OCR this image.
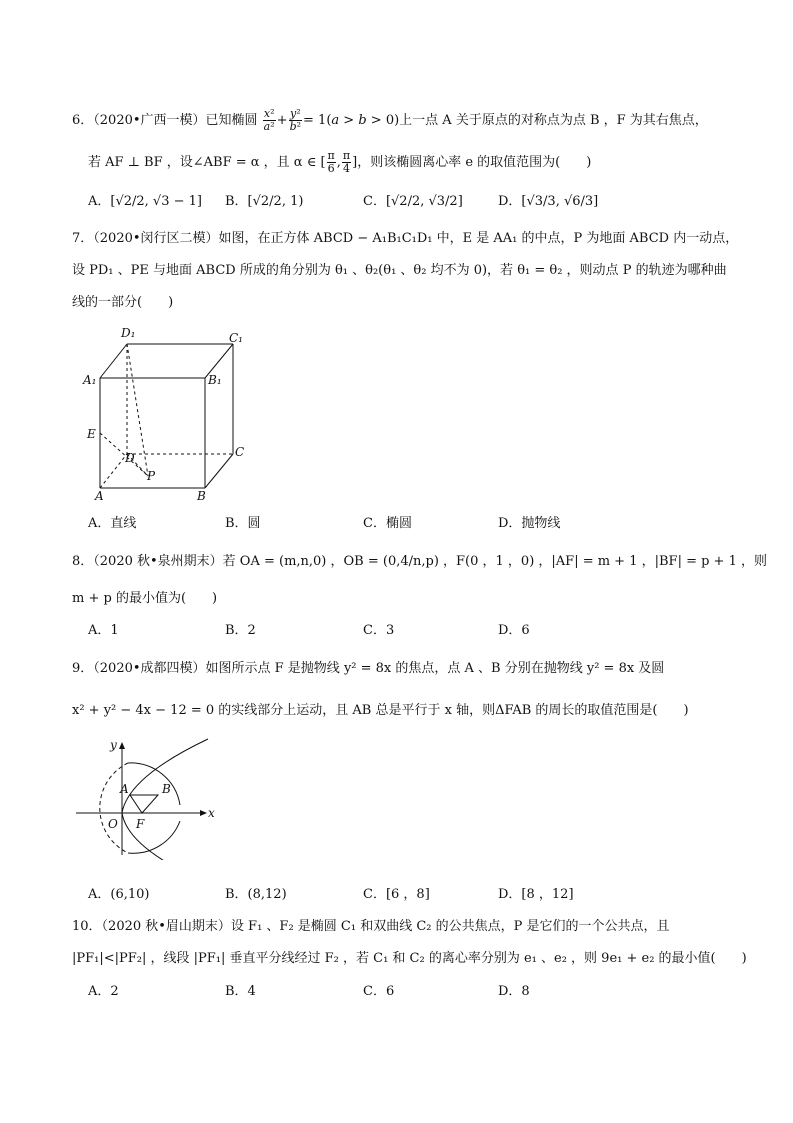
6．（2020•广西一模）已知椭圆 $\frac{\text{x²}}{\text{a²}} + \frac{\text{y²}}{\text{b²}} = 1(a > b > 0)$上一点 A 关于原点的对称点为点 B ，F 为其右焦点，
若 AF ⊥ BF ，设∠ABF = α ，且 α ∈ [ $\frac{\pi}{6}$ , $\frac{\pi}{4}$ ]，则该椭圆离心率 e 的取值范围为(　　)
A．[√2/2, √3 − 1] B．[√2/2, 1)	C．[√2/2, √3/2]	D．[√3/3, √6/3]
7．（2020•闵行区二模）如图，在正方体 ABCD − A₁B₁C₁D₁ 中，E 是 AA₁ 的中点，P 为地面 ABCD 内一动点，
设 PD₁ 、PE 与地面 ABCD 所成的角分别为 θ₁ 、θ₂(θ₁ 、θ₂ 均不为 0)，若 θ₁ = θ₂ ，则动点 P 的轨迹为哪种曲
线的一部分(　　)
D₁	C₁
A₁	B₁
E
D	C
A
P
B
A．直线	B．圆	C．椭圆	D．抛物线
8．（2020 秋•泉州期末）若 OA = (m,n,0) ，OB = (0,4/n,p) ，F(0 ，1 ，0) ，|AF| = m + 1 ，|BF| = p + 1 ，则
m + p 的最小值为(　　)
A．1	B．2	C．3	D．6
9．（2020•成都四模）如图所示点 F 是抛物线 y² = 8x 的焦点，点 A 、B 分别在抛物线 y² = 8x 及圆
x² + y² − 4x − 12 = 0 的实线部分上运动，且 AB 总是平行于 x 轴，则ΔFAB 的周长的取值范围是(　　)
y
A	B
O F
x
A．(6,10)	B．(8,12)	C．[6 ，8]	D．[8 ，12]
10．（2020 秋•眉山期末）设 F₁ 、F₂ 是椭圆 C₁ 和双曲线 C₂ 的公共焦点，P 是它们的一个公共点，且
|PF₁|<|PF₂| ，线段 |PF₁| 垂直平分线经过 F₂ ，若 C₁ 和 C₂ 的离心率分别为 e₁ 、e₂ ，则 9e₁ + e₂ 的最小值(　　)
A．2	B．4	C．6	D．8
